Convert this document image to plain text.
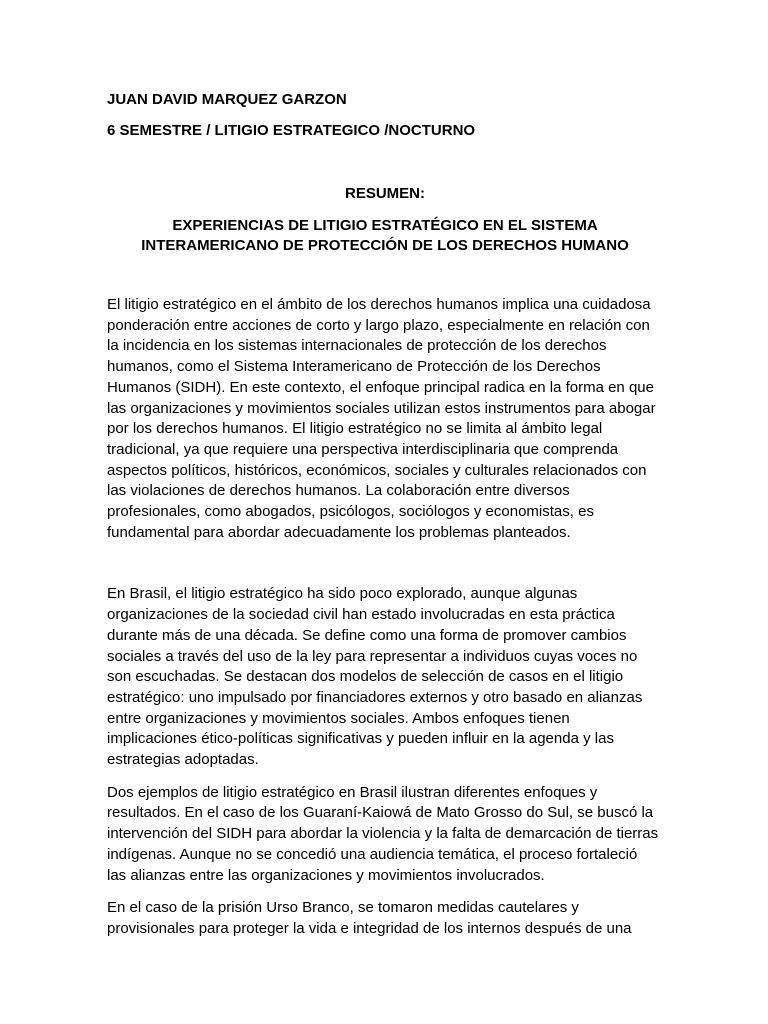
JUAN DAVID MARQUEZ GARZON

6 SEMESTRE / LITIGIO ESTRATEGICO /NOCTURNO

RESUMEN:

EXPERIENCIAS DE LITIGIO ESTRATÉGICO EN EL SISTEMA

INTERAMERICANO DE PROTECCIÓN DE LOS DERECHOS HUMANO

El litigio estratégico en el ámbito de los derechos humanos implica una cuidadosa
ponderación entre acciones de corto y largo plazo, especialmente en relación con
la incidencia en los sistemas internacionales de protección de los derechos
humanos, como el Sistema Interamericano de Protección de los Derechos
Humanos (SIDH). En este contexto, el enfoque principal radica en la forma en que
las organizaciones y movimientos sociales utilizan estos instrumentos para abogar
por los derechos humanos. El litigio estratégico no se limita al ámbito legal
tradicional, ya que requiere una perspectiva interdisciplinaria que comprenda
aspectos políticos, históricos, económicos, sociales y culturales relacionados con
las violaciones de derechos humanos. La colaboración entre diversos
profesionales, como abogados, psicólogos, sociólogos y economistas, es
fundamental para abordar adecuadamente los problemas planteados.

En Brasil, el litigio estratégico ha sido poco explorado, aunque algunas
organizaciones de la sociedad civil han estado involucradas en esta práctica
durante más de una década. Se define como una forma de promover cambios
sociales a través del uso de la ley para representar a individuos cuyas voces no
son escuchadas. Se destacan dos modelos de selección de casos en el litigio
estratégico: uno impulsado por financiadores externos y otro basado en alianzas
entre organizaciones y movimientos sociales. Ambos enfoques tienen
implicaciones ético-políticas significativas y pueden influir en la agenda y las
estrategias adoptadas.

Dos ejemplos de litigio estratégico en Brasil ilustran diferentes enfoques y
resultados. En el caso de los Guaraní-Kaiowá de Mato Grosso do Sul, se buscó la
intervención del SIDH para abordar la violencia y la falta de demarcación de tierras
indígenas. Aunque no se concedió una audiencia temática, el proceso fortaleció
las alianzas entre las organizaciones y movimientos involucrados.

En el caso de la prisión Urso Branco, se tomaron medidas cautelares y
provisionales para proteger la vida e integridad de los internos después de una
